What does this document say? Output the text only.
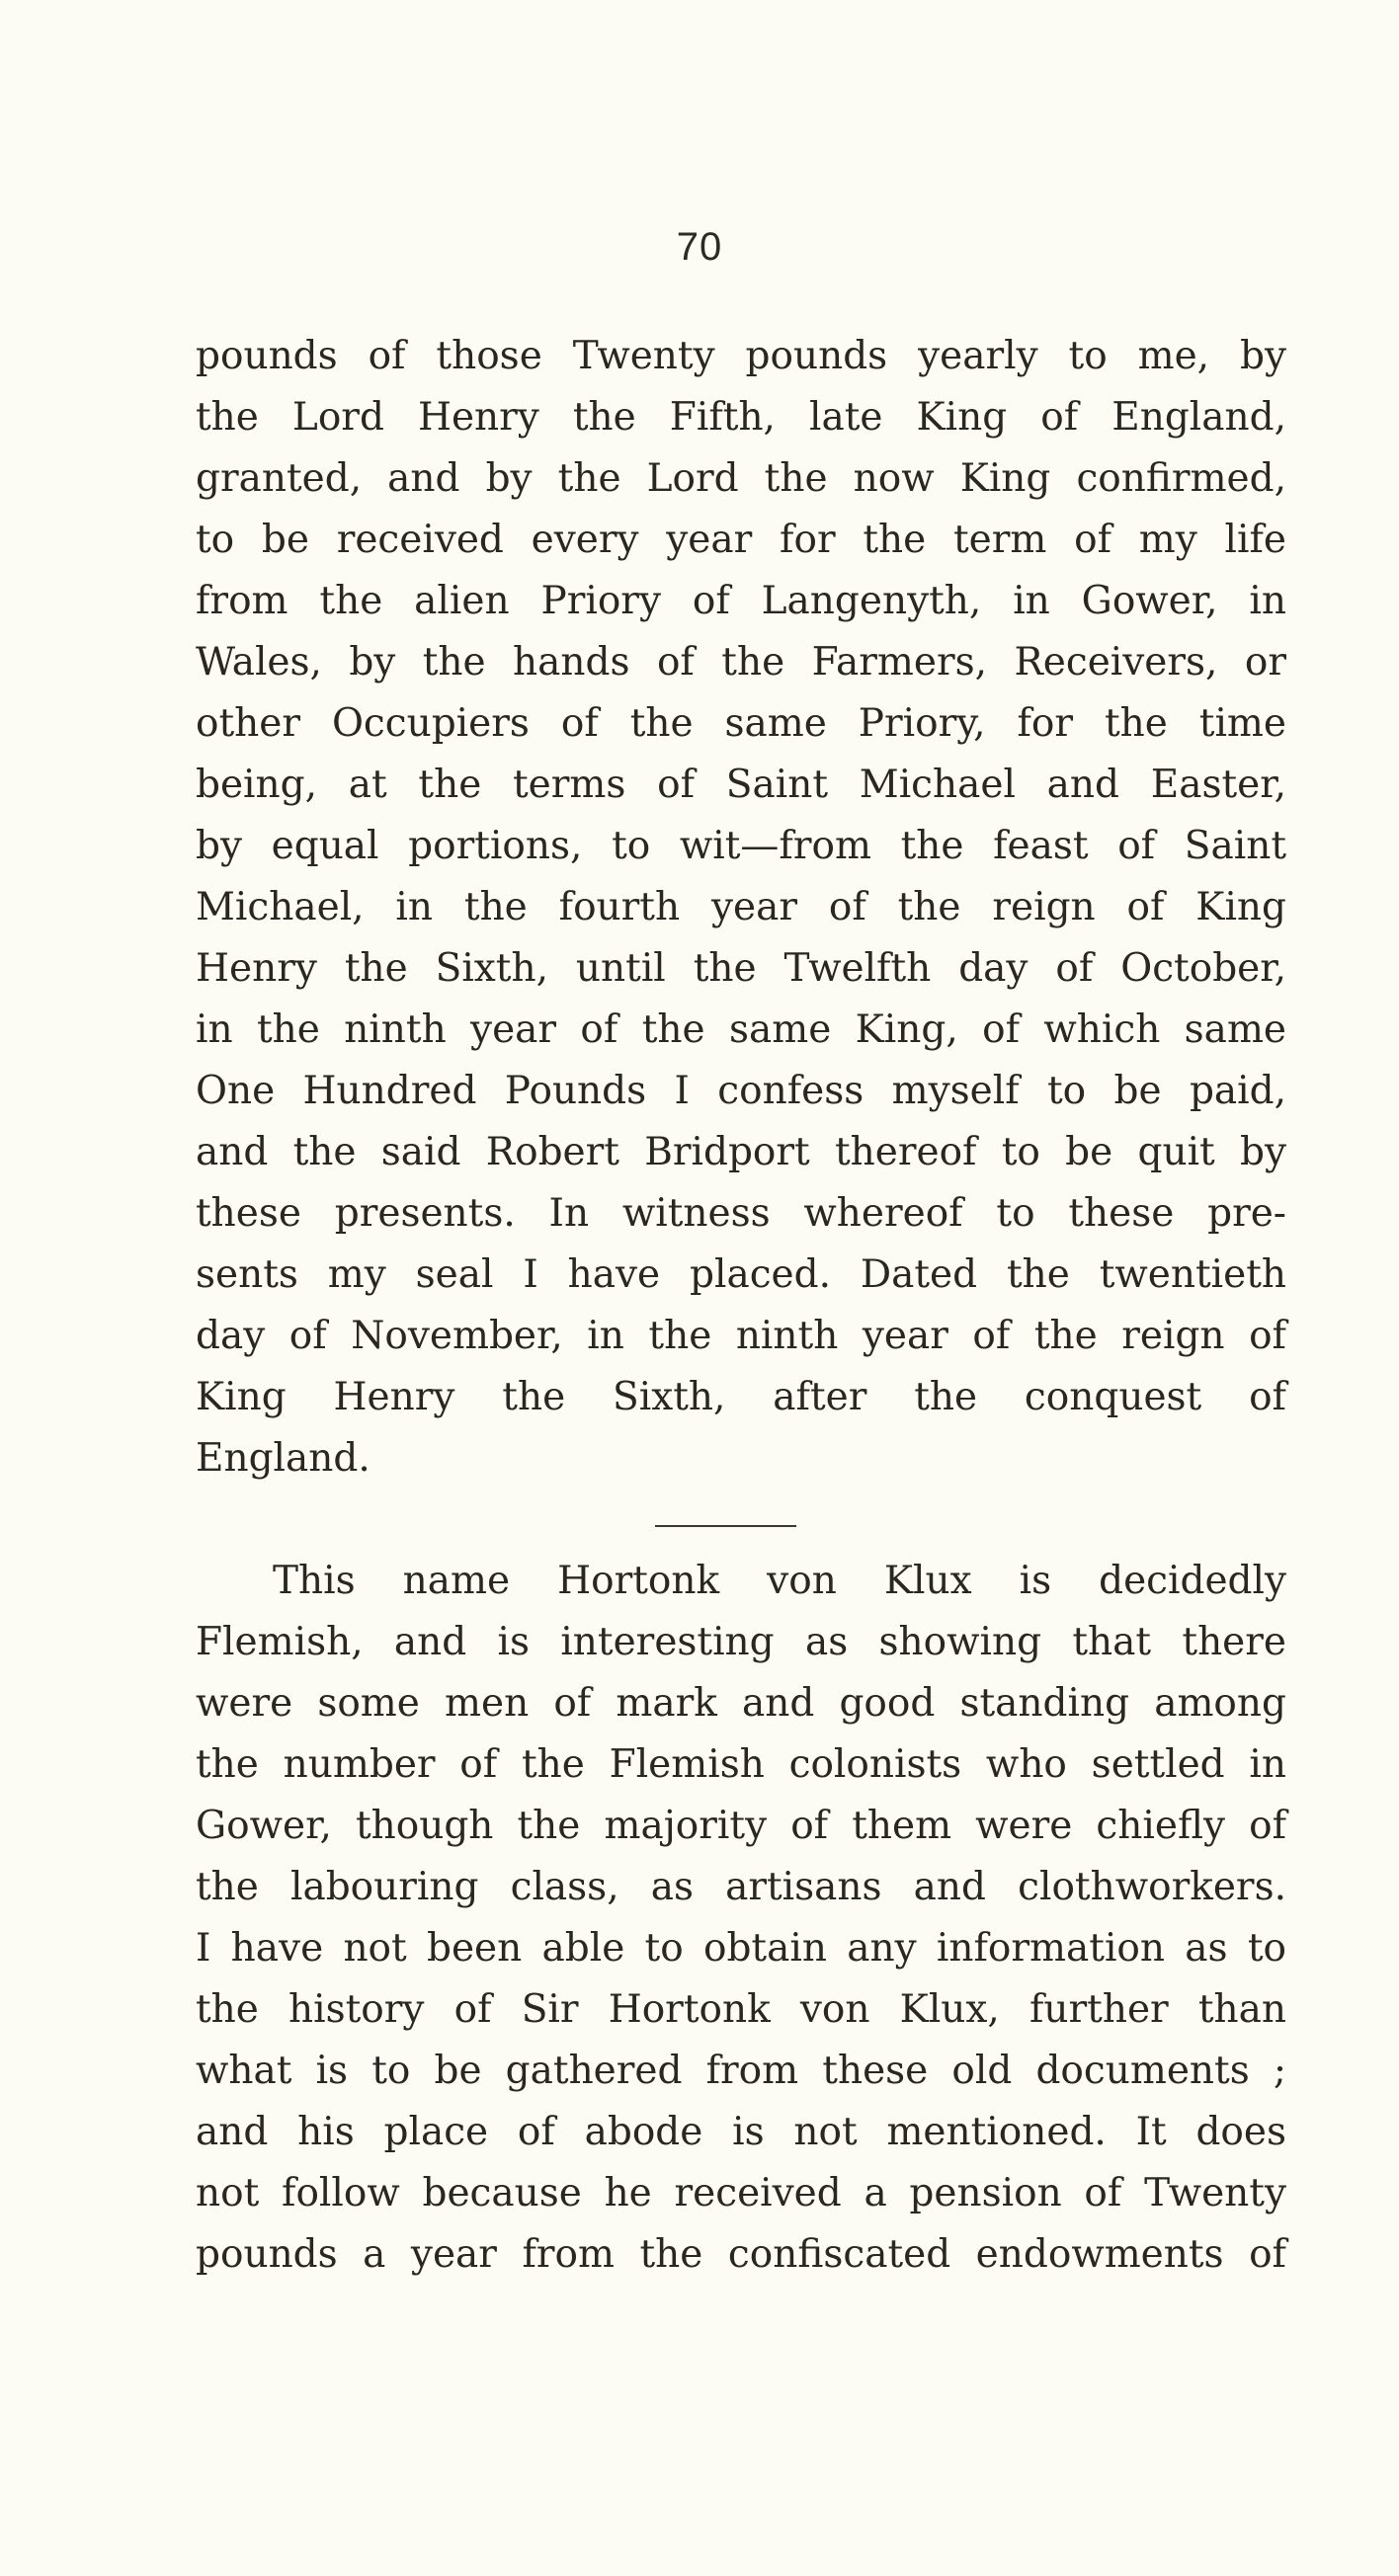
70
pounds of those Twenty pounds yearly to me, by
the Lord Henry the Fifth, late King of England,
granted, and by the Lord the now King confirmed,
to be received every year for the term of my life
from the alien Priory of Langenyth, in Gower, in
Wales, by the hands of the Farmers, Receivers, or
other Occupiers of the same Priory, for the time
being, at the terms of Saint Michael and Easter,
by equal portions, to wit—from the feast of Saint
Michael, in the fourth year of the reign of King
Henry the Sixth, until the Twelfth day of October,
in the ninth year of the same King, of which same
One Hundred Pounds I confess myself to be paid,
and the said Robert Bridport thereof to be quit by
these presents. In witness whereof to these pre-
sents my seal I have placed. Dated the twentieth
day of November, in the ninth year of the reign of
King Henry the Sixth, after the conquest of
England.
This name Hortonk von Klux is decidedly
Flemish, and is interesting as showing that there
were some men of mark and good standing among
the number of the Flemish colonists who settled in
Gower, though the majority of them were chiefly of
the labouring class, as artisans and clothworkers.
I have not been able to obtain any information as to
the history of Sir Hortonk von Klux, further than
what is to be gathered from these old documents ;
and his place of abode is not mentioned. It does
not follow because he received a pension of Twenty
pounds a year from the confiscated endowments of
